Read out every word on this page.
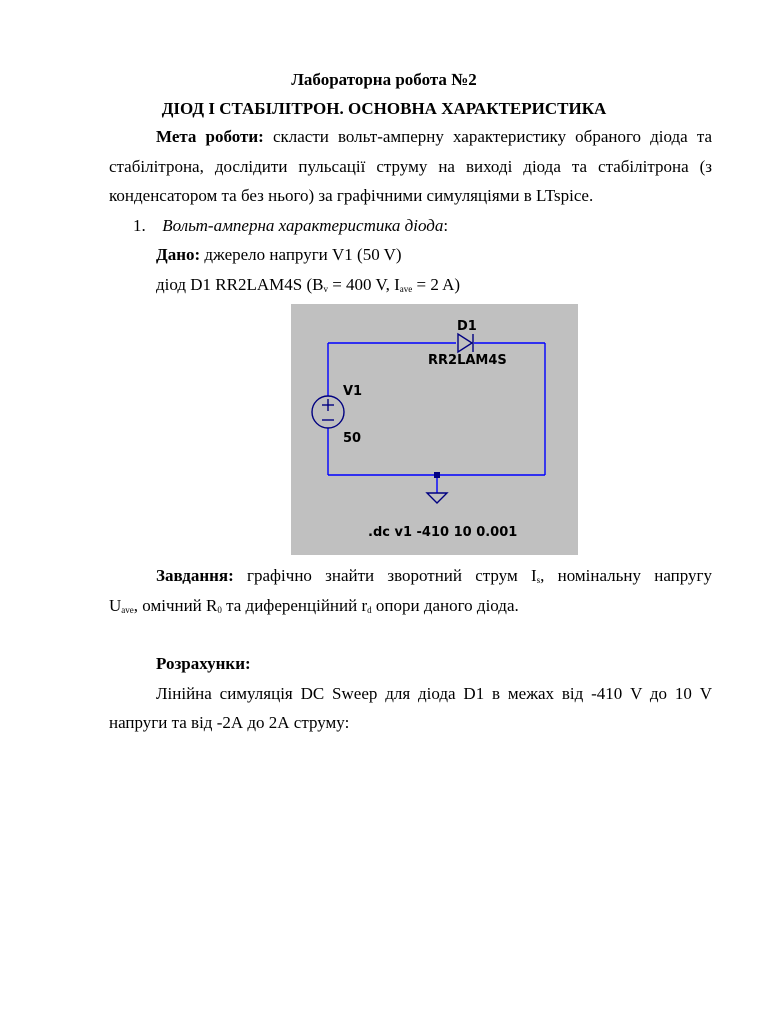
Лабораторна робота №2
ДІОД І СТАБІЛІТРОН. ОСНОВНА ХАРАКТЕРИСТИКА
Мета роботи: скласти вольт-амперну характеристику обраного діода та
стабілітрона, дослідити пульсації струму на виході діода та стабілітрона (з
конденсатором та без нього) за графічними симуляціями в LTspice.
1. Вольт-амперна характеристика діода:
Дано: джерело напруги V1 (50 V)
діод D1 RR2LAM4S ($B_v = 400$ V, $I_{ave} = 2$ A)
D1
RR2LAM4S
V1
50
.dc v1 -410 10 0.001
Завдання: графічно знайти зворотний струм $I_s$, номінальну напругу
$U_{ave}$, омічний $R_0$ та диференційний $r_d$ опори даного діода.
Розрахунки:
Лінійна симуляція DC Sweep для діода D1 в межах від -410 V до 10 V
напруги та від -2А до 2А струму:
